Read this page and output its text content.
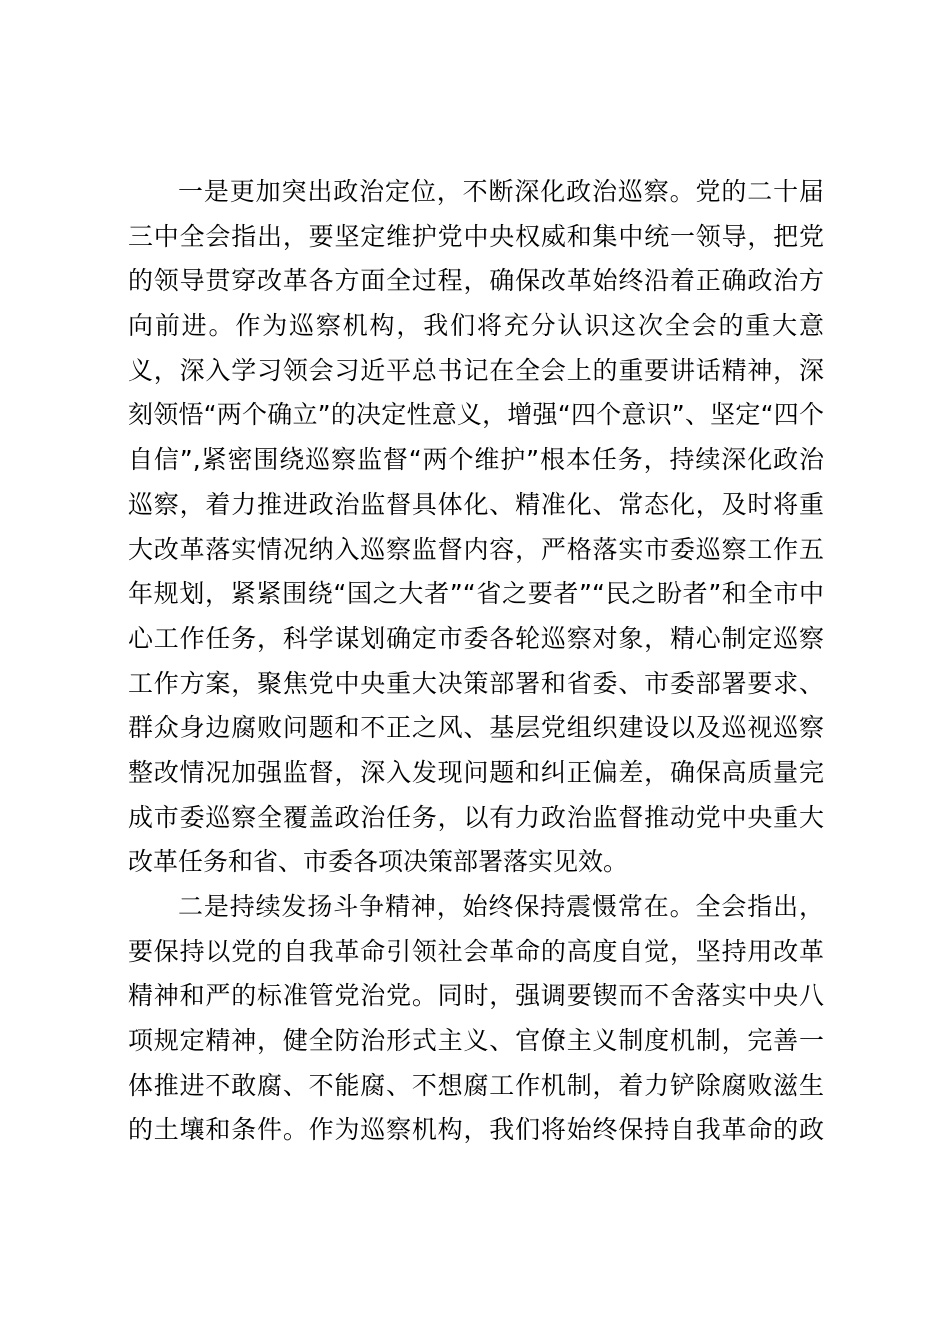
一是更加突出政治定位，不断深化政治巡察。党的二十届
三中全会指出，要坚定维护党中央权威和集中统一领导，把党
的领导贯穿改革各方面全过程，确保改革始终沿着正确政治方
向前进。作为巡察机构，我们将充分认识这次全会的重大意
义，深入学习领会习近平总书记在全会上的重要讲话精神，深
刻领悟“两个确立”的决定性意义，增强“四个意识”、坚定“四个
自信”,紧密围绕巡察监督“两个维护”根本任务，持续深化政治
巡察，着力推进政治监督具体化、精准化、常态化，及时将重
大改革落实情况纳入巡察监督内容，严格落实市委巡察工作五
年规划，紧紧围绕“国之大者”“省之要者”“民之盼者”和全市中
心工作任务，科学谋划确定市委各轮巡察对象，精心制定巡察
工作方案，聚焦党中央重大决策部署和省委、市委部署要求、
群众身边腐败问题和不正之风、基层党组织建设以及巡视巡察
整改情况加强监督，深入发现问题和纠正偏差，确保高质量完
成市委巡察全覆盖政治任务，以有力政治监督推动党中央重大
改革任务和省、市委各项决策部署落实见效。
二是持续发扬斗争精神，始终保持震慑常在。全会指出，
要保持以党的自我革命引领社会革命的高度自觉，坚持用改革
精神和严的标准管党治党。同时，强调要锲而不舍落实中央八
项规定精神，健全防治形式主义、官僚主义制度机制，完善一
体推进不敢腐、不能腐、不想腐工作机制，着力铲除腐败滋生
的土壤和条件。作为巡察机构，我们将始终保持自我革命的政
